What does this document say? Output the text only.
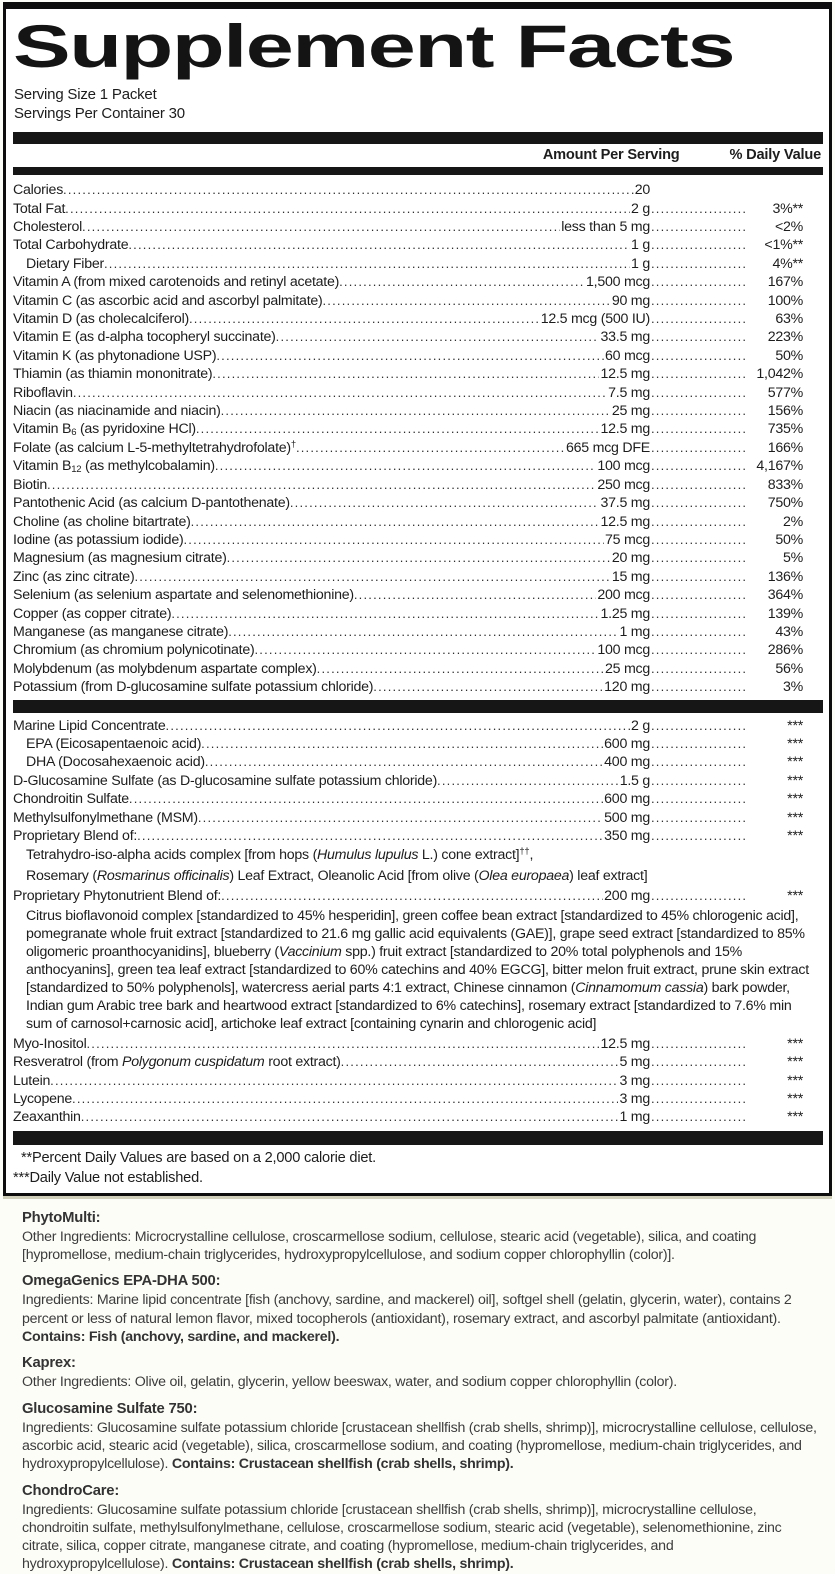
Supplement Facts
Serving Size 1 Packet
Servings Per Container 30
Amount Per Serving	% Daily Value
Calories .....	20
Total Fat .....	2 g .....	3%**
Cholesterol .....	less than 5 mg .....	<2%
Total Carbohydrate .....	1 g .....	<1%**
Dietary Fiber .....	1 g .....	4%**
Vitamin A (from mixed carotenoids and retinyl acetate) .....	1,500 mcg .....	167%
Vitamin C (as ascorbic acid and ascorbyl palmitate) .....	90 mg .....	100%
Vitamin D (as cholecalciferol) .....	12.5 mcg (500 IU) .....	63%
Vitamin E (as d-alpha tocopheryl succinate) .....	33.5 mg .....	223%
Vitamin K (as phytonadione USP) .....	60 mcg .....	50%
Thiamin (as thiamin mononitrate) .....	12.5 mg .....	1,042%
Riboflavin .....	7.5 mg .....	577%
Niacin (as niacinamide and niacin) .....	25 mg .....	156%
Vitamin $B_6$ (as pyridoxine HCl) .....	12.5 mg .....	735%
Folate (as calcium L-5-methyltetrahydrofolate)† .....	665 mcg DFE .....	166%
Vitamin $B_{12}$ (as methylcobalamin) .....	100 mcg .....	4,167%
Biotin .....	250 mcg .....	833%
Pantothenic Acid (as calcium D-pantothenate) .....	37.5 mg .....	750%
Choline (as choline bitartrate) .....	12.5 mg .....	2%
Iodine (as potassium iodide) .....	75 mcg .....	50%
Magnesium (as magnesium citrate) .....	20 mg .....	5%
Zinc (as zinc citrate) .....	15 mg .....	136%
Selenium (as selenium aspartate and selenomethionine) .....	200 mcg .....	364%
Copper (as copper citrate) .....	1.25 mg .....	139%
Manganese (as manganese citrate) .....	1 mg .....	43%
Chromium (as chromium polynicotinate) .....	100 mcg .....	286%
Molybdenum (as molybdenum aspartate complex) .....	25 mcg .....	56%
Potassium (from D-glucosamine sulfate potassium chloride) .....	120 mg .....	3%
Marine Lipid Concentrate .....	2 g .....	***
EPA (Eicosapentaenoic acid) .....	600 mg .....	***
DHA (Docosahexaenoic acid) .....	400 mg .....	***
D-Glucosamine Sulfate (as D-glucosamine sulfate potassium chloride) .....	1.5 g .....	***
Chondroitin Sulfate .....	600 mg .....	***
Methylsulfonylmethane (MSM) .....	500 mg .....	***
Proprietary Blend of: .....	350 mg .....	***
Tetrahydro-iso-alpha acids complex [from hops (Humulus lupulus L.) cone extract]††,
Rosemary (Rosmarinus officinalis) Leaf Extract, Oleanolic Acid [from olive (Olea europaea) leaf extract]
Proprietary Phytonutrient Blend of: .....	200 mg .....	***
Citrus bioflavonoid complex [standardized to 45% hesperidin], green coffee bean extract [standardized to 45% chlorogenic acid], pomegranate whole fruit extract [standardized to 21.6 mg gallic acid equivalents (GAE)], grape seed extract [standardized to 85% oligomeric proanthocyanidins], blueberry (Vaccinium spp.) fruit extract [standardized to 20% total polyphenols and 15% anthocyanins], green tea leaf extract [standardized to 60% catechins and 40% EGCG], bitter melon fruit extract, prune skin extract [standardized to 50% polyphenols], watercress aerial parts 4:1 extract, Chinese cinnamon (Cinnamomum cassia) bark powder, Indian gum Arabic tree bark and heartwood extract [standardized to 6% catechins], rosemary extract [standardized to 7.6% min sum of carnosol+carnosic acid], artichoke leaf extract [containing cynarin and chlorogenic acid]
Myo-Inositol .....	12.5 mg .....	***
Resveratrol (from Polygonum cuspidatum root extract) .....	5 mg .....	***
Lutein .....	3 mg .....	***
Lycopene .....	3 mg .....	***
Zeaxanthin .....	1 mg .....	***
**Percent Daily Values are based on a 2,000 calorie diet.
***Daily Value not established.
PhytoMulti:
Other Ingredients: Microcrystalline cellulose, croscarmellose sodium, cellulose, stearic acid (vegetable), silica, and coating [hypromellose, medium-chain triglycerides, hydroxypropylcellulose, and sodium copper chlorophyllin (color)].
OmegaGenics EPA-DHA 500:
Ingredients: Marine lipid concentrate [fish (anchovy, sardine, and mackerel) oil], softgel shell (gelatin, glycerin, water), contains 2 percent or less of natural lemon flavor, mixed tocopherols (antioxidant), rosemary extract, and ascorbyl palmitate (antioxidant). Contains: Fish (anchovy, sardine, and mackerel).
Kaprex:
Other Ingredients: Olive oil, gelatin, glycerin, yellow beeswax, water, and sodium copper chlorophyllin (color).
Glucosamine Sulfate 750:
Ingredients: Glucosamine sulfate potassium chloride [crustacean shellfish (crab shells, shrimp)], microcrystalline cellulose, cellulose, ascorbic acid, stearic acid (vegetable), silica, croscarmellose sodium, and coating (hypromellose, medium-chain triglycerides, and hydroxypropylcellulose). Contains: Crustacean shellfish (crab shells, shrimp).
ChondroCare:
Ingredients: Glucosamine sulfate potassium chloride [crustacean shellfish (crab shells, shrimp)], microcrystalline cellulose, chondroitin sulfate, methylsulfonylmethane, cellulose, croscarmellose sodium, stearic acid (vegetable), selenomethionine, zinc citrate, silica, copper citrate, manganese citrate, and coating (hypromellose, medium-chain triglycerides, and hydroxypropylcellulose). Contains: Crustacean shellfish (crab shells, shrimp).
